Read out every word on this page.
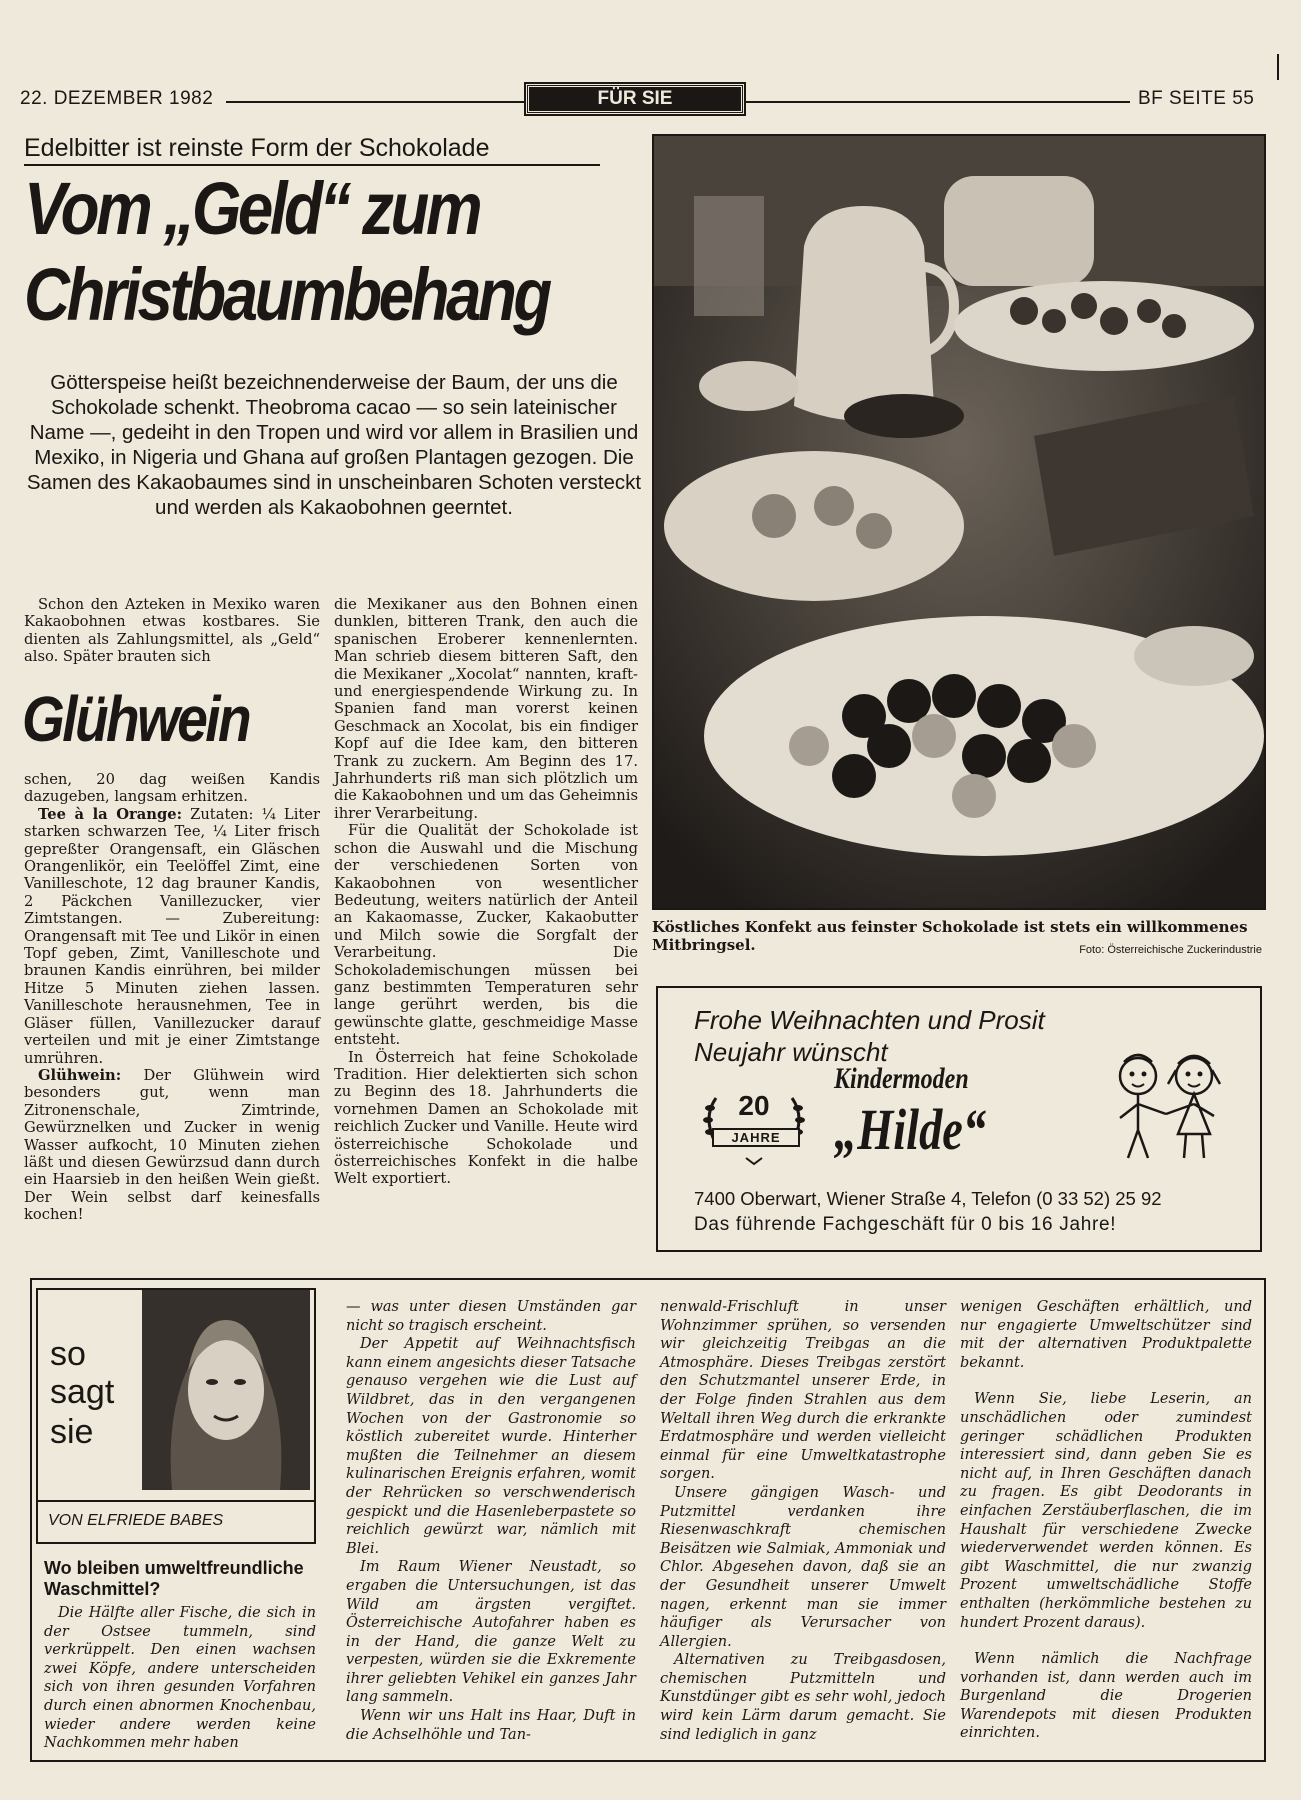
22. DEZEMBER 1982	FÜR SIE	BF SEITE 55
Edelbitter ist reinste Form der Schokolade
Vom „Geld“ zum Christbaumbehang
Götterspeise heißt bezeichnenderweise der Baum, der uns die Schokolade schenkt. Theobroma cacao — so sein lateinischer Name —, gedeiht in den Tropen und wird vor allem in Brasilien und Mexiko, in Nigeria und Ghana auf großen Plantagen gezogen. Die Samen des Kakaobaumes sind in unscheinbaren Schoten versteckt und werden als Kakaobohnen geerntet.

Schon den Azteken in Mexiko waren Kakaobohnen etwas kostbares. Sie dienten als Zahlungsmittel, als „Geld“ also. Später brauten sich

Glühwein

schen, 20 dag weißen Kandis dazugeben, langsam erhitzen.

Tee à la Orange: Zutaten: ¼ Liter starken schwarzen Tee, ¼ Liter frisch gepreßter Orangensaft, ein Gläschen Orangenlikör, ein Teelöffel Zimt, eine Vanilleschote, 12 dag brauner Kandis, 2 Päckchen Vanillezucker, vier Zimtstangen. — Zubereitung: Orangensaft mit Tee und Likör in einen Topf geben, Zimt, Vanilleschote und braunen Kandis einrühren, bei milder Hitze 5 Minuten ziehen lassen. Vanilleschote herausnehmen, Tee in Gläser füllen, Vanillezucker darauf verteilen und mit je einer Zimtstange umrühren.

Glühwein: Der Glühwein wird besonders gut, wenn man Zitronenschale, Zimtrinde, Gewürznelken und Zucker in wenig Wasser aufkocht, 10 Minuten ziehen läßt und diesen Gewürzsud dann durch ein Haarsieb in den heißen Wein gießt. Der Wein selbst darf keinesfalls kochen!

die Mexikaner aus den Bohnen einen dunklen, bitteren Trank, den auch die spanischen Eroberer kennenlernten. Man schrieb diesem bitteren Saft, den die Mexikaner „Xocolat“ nannten, kraft- und energiespendende Wirkung zu. In Spanien fand man vorerst keinen Geschmack an Xocolat, bis ein findiger Kopf auf die Idee kam, den bitteren Trank zu zuckern. Am Beginn des 17. Jahrhunderts riß man sich plötzlich um die Kakaobohnen und um das Geheimnis ihrer Verarbeitung.

Für die Qualität der Schokolade ist schon die Auswahl und die Mischung der verschiedenen Sorten von Kakaobohnen von wesentlicher Bedeutung, weiters natürlich der Anteil an Kakaomasse, Zucker, Kakaobutter und Milch sowie die Sorgfalt der Verarbeitung. Die Schokolademischungen müssen bei ganz bestimmten Temperaturen sehr lange gerührt werden, bis die gewünschte glatte, geschmeidige Masse entsteht.

In Österreich hat feine Schokolade Tradition. Hier delektierten sich schon zu Beginn des 18. Jahrhunderts die vornehmen Damen an Schokolade mit reichlich Zucker und Vanille. Heute wird österreichische Schokolade und österreichisches Konfekt in die halbe Welt exportiert.

Köstliches Konfekt aus feinster Schokolade ist stets ein willkommenes Mitbringsel.	Foto: Österreichische Zuckerindustrie
Frohe Weihnachten und Prosit Neujahr wünscht
20
JAHRE
Kindermoden
„Hilde“
7400 Oberwart, Wiener Straße 4, Telefon (0 33 52) 25 92
Das führende Fachgeschäft für 0 bis 16 Jahre!
so
sagt
sie
VON ELFRIEDE BABES
Wo bleiben umweltfreundliche Waschmittel?

Die Hälfte aller Fische, die sich in der Ostsee tummeln, sind verkrüppelt. Den einen wachsen zwei Köpfe, andere unterscheiden sich von ihren gesunden Vorfahren durch einen abnormen Knochenbau, wieder andere werden keine Nachkommen mehr haben

— was unter diesen Umständen gar nicht so tragisch erscheint.

Der Appetit auf Weihnachtsfisch kann einem angesichts dieser Tatsache genauso vergehen wie die Lust auf Wildbret, das in den vergangenen Wochen von der Gastronomie so köstlich zubereitet wurde. Hinterher mußten die Teilnehmer an diesem kulinarischen Ereignis erfahren, womit der Rehrücken so verschwenderisch gespickt und die Hasenleberpastete so reichlich gewürzt war, nämlich mit Blei.

Im Raum Wiener Neustadt, so ergaben die Untersuchungen, ist das Wild am ärgsten vergiftet. Österreichische Autofahrer haben es in der Hand, die ganze Welt zu verpesten, würden sie die Exkremente ihrer geliebten Vehikel ein ganzes Jahr lang sammeln.

Wenn wir uns Halt ins Haar, Duft in die Achselhöhle und Tan-

nenwald-Frischluft in unser Wohnzimmer sprühen, so versenden wir gleichzeitig Treibgas an die Atmosphäre. Dieses Treibgas zerstört den Schutzmantel unserer Erde, in der Folge finden Strahlen aus dem Weltall ihren Weg durch die erkrankte Erdatmosphäre und werden vielleicht einmal für eine Umweltkatastrophe sorgen.

Unsere gängigen Wasch- und Putzmittel verdanken ihre Riesenwaschkraft chemischen Beisätzen wie Salmiak, Ammoniak und Chlor. Abgesehen davon, daß sie an der Gesundheit unserer Umwelt nagen, erkennt man sie immer häufiger als Verursacher von Allergien.

Alternativen zu Treibgasdosen, chemischen Putzmitteln und Kunstdünger gibt es sehr wohl, jedoch wird kein Lärm darum gemacht. Sie sind lediglich in ganz

wenigen Geschäften erhältlich, und nur engagierte Umweltschützer sind mit der alternativen Produktpalette bekannt.

Wenn Sie, liebe Leserin, an unschädlichen oder zumindest geringer schädlichen Produkten interessiert sind, dann geben Sie es nicht auf, in Ihren Geschäften danach zu fragen. Es gibt Deodorants in einfachen Zerstäuberflaschen, die im Haushalt für verschiedene Zwecke wiederverwendet werden können. Es gibt Waschmittel, die nur zwanzig Prozent umweltschädliche Stoffe enthalten (herkömmliche bestehen zu hundert Prozent daraus).

Wenn nämlich die Nachfrage vorhanden ist, dann werden auch im Burgenland die Drogerien Warendepots mit diesen Produkten einrichten.
